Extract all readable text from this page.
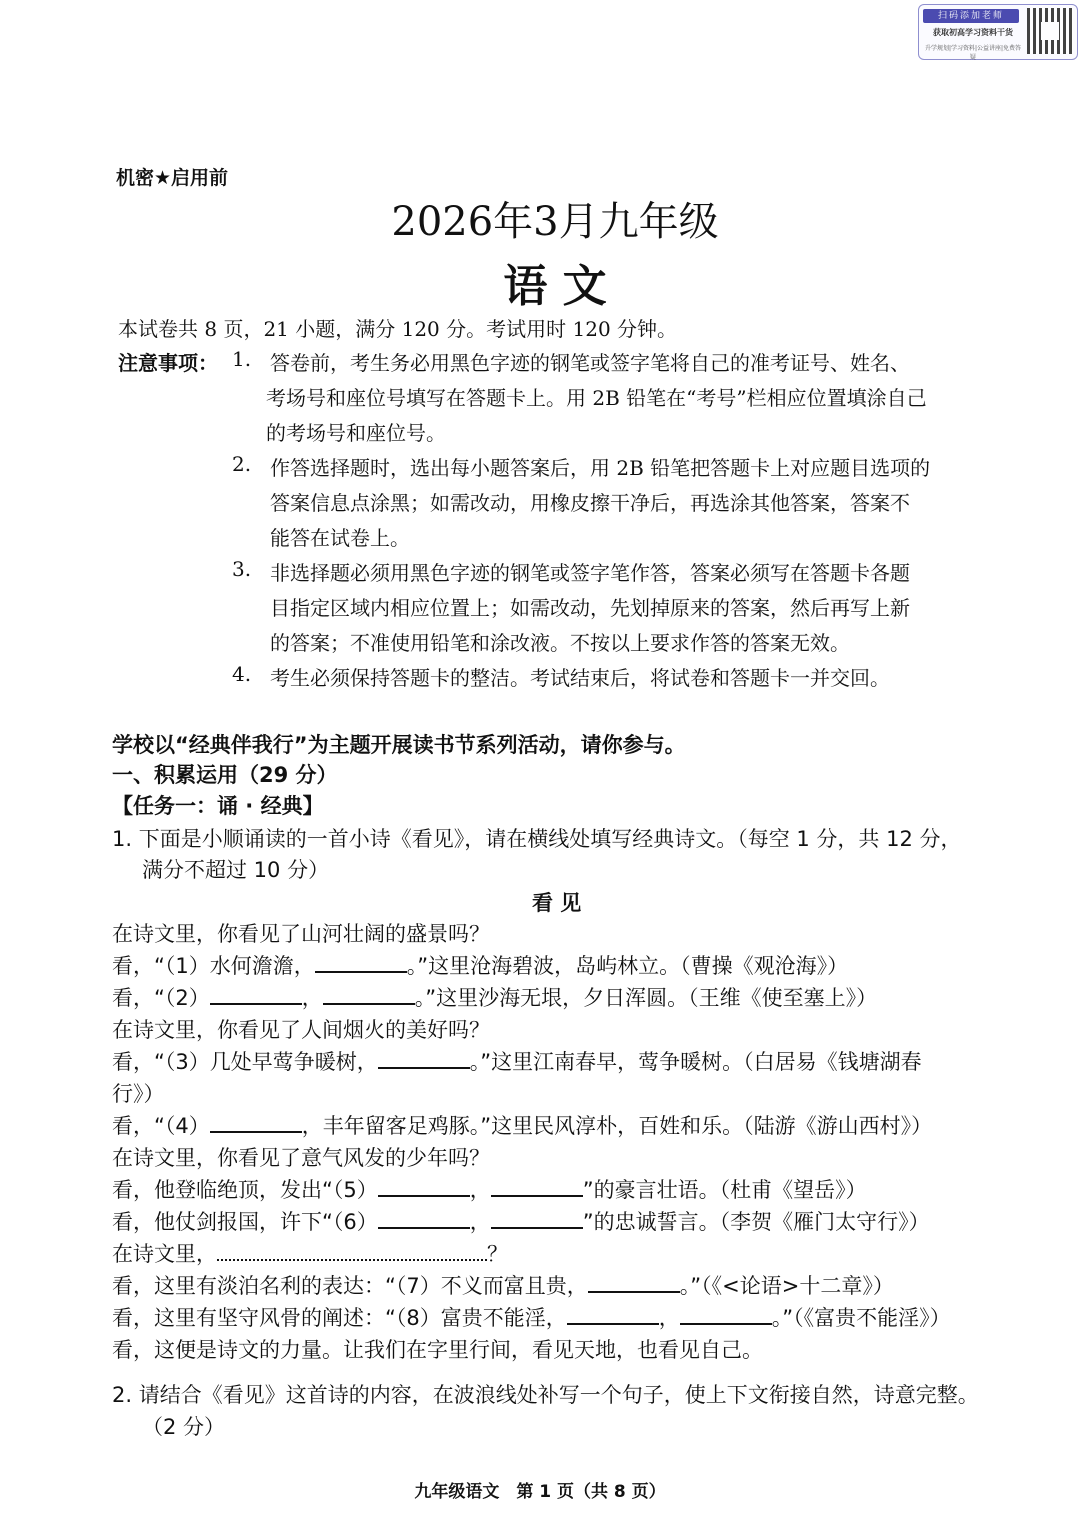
扫码添加老师
获取初高学习资料干货
升学规划|学习资料|公益讲座|免费答疑
机密★启用前
2026年3月九年级
语 文
本试卷共 8 页，21 小题，满分 120 分。考试用时 120 分钟。
注意事项： 1. 答卷前，考生务必用黑色字迹的钢笔或签字笔将自己的准考证号、姓名、
考场号和座位号填写在答题卡上。用 2B 铅笔在“考号”栏相应位置填涂自己
的考场号和座位号。
2. 作答选择题时，选出每小题答案后，用 2B 铅笔把答题卡上对应题目选项的
答案信息点涂黑；如需改动，用橡皮擦干净后，再选涂其他答案，答案不
能答在试卷上。
3. 非选择题必须用黑色字迹的钢笔或签字笔作答，答案必须写在答题卡各题
目指定区域内相应位置上；如需改动，先划掉原来的答案，然后再写上新
的答案；不准使用铅笔和涂改液。不按以上要求作答的答案无效。
4. 考生必须保持答题卡的整洁。考试结束后，将试卷和答题卡一并交回。
学校以“经典伴我行”为主题开展读书节系列活动，请你参与。
一、积累运用（29 分）
【任务一：诵 · 经典】
1. 下面是小顺诵读的一首小诗《看见》，请在横线处填写经典诗文。（每空 1 分，共 12 分，
满分不超过 10 分）
看 见
在诗文里，你看见了山河壮阔的盛景吗？
看，“（1）水何澹澹，	。”这里沧海碧波，岛屿林立。（曹操《观沧海》）
看，“（2）	，	。”这里沙海无垠，夕日浑圆。（王维《使至塞上》）
在诗文里，你看见了人间烟火的美好吗？
看，“（3）几处早莺争暖树，	。”这里江南春早，莺争暖树。（白居易《钱塘湖春
行》）
看，“（4）	，丰年留客足鸡豚。”这里民风淳朴，百姓和乐。（陆游《游山西村》）
在诗文里，你看见了意气风发的少年吗？
看，他登临绝顶，发出“（5）	，	”的豪言壮语。（杜甫《望岳》）
看，他仗剑报国，许下“（6）	，	”的忠诚誓言。（李贺《雁门太守行》）
在诗文里，	？
看，这里有淡泊名利的表达：“（7）不义而富且贵，	。”（《<论语>十二章》）
看，这里有坚守风骨的阐述：“（8）富贵不能淫，	，	。”（《富贵不能淫》）
看，这便是诗文的力量。让我们在字里行间，看见天地，也看见自己。
2. 请结合《看见》这首诗的内容，在波浪线处补写一个句子，使上下文衔接自然，诗意完整。
（2 分）
九年级语文　第 1 页（共 8 页）
